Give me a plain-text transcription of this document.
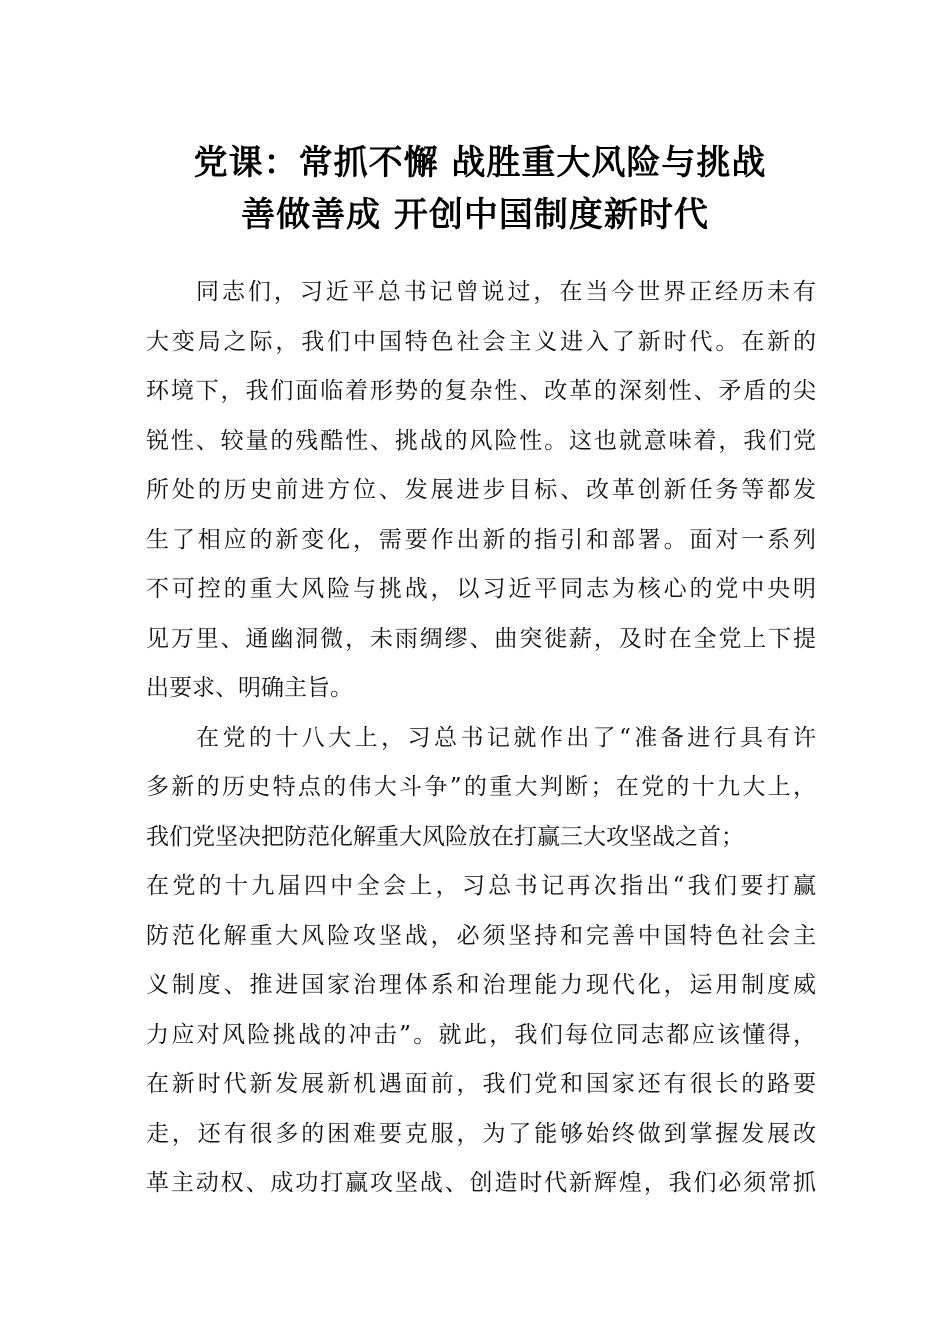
党课：常抓不懈 战胜重大风险与挑战
善做善成 开创中国制度新时代

同志们，习近平总书记曾说过，在当今世界正经历未有
大变局之际，我们中国特色社会主义进入了新时代。在新的
环境下，我们面临着形势的复杂性、改革的深刻性、矛盾的尖
锐性、较量的残酷性、挑战的风险性。这也就意味着，我们党
所处的历史前进方位、发展进步目标、改革创新任务等都发
生了相应的新变化，需要作出新的指引和部署。面对一系列
不可控的重大风险与挑战，以习近平同志为核心的党中央明
见万里、通幽洞微，未雨绸缪、曲突徙薪，及时在全党上下提
出要求、明确主旨。

在党的十八大上，习总书记就作出了“准备进行具有许
多新的历史特点的伟大斗争”的重大判断；在党的十九大上，
我们党坚决把防范化解重大风险放在打赢三大攻坚战之首；
在党的十九届四中全会上，习总书记再次指出“我们要打赢
防范化解重大风险攻坚战，必须坚持和完善中国特色社会主
义制度、推进国家治理体系和治理能力现代化，运用制度威
力应对风险挑战的冲击”。就此，我们每位同志都应该懂得，
在新时代新发展新机遇面前，我们党和国家还有很长的路要
走，还有很多的困难要克服，为了能够始终做到掌握发展改
革主动权、成功打赢攻坚战、创造时代新辉煌，我们必须常抓
